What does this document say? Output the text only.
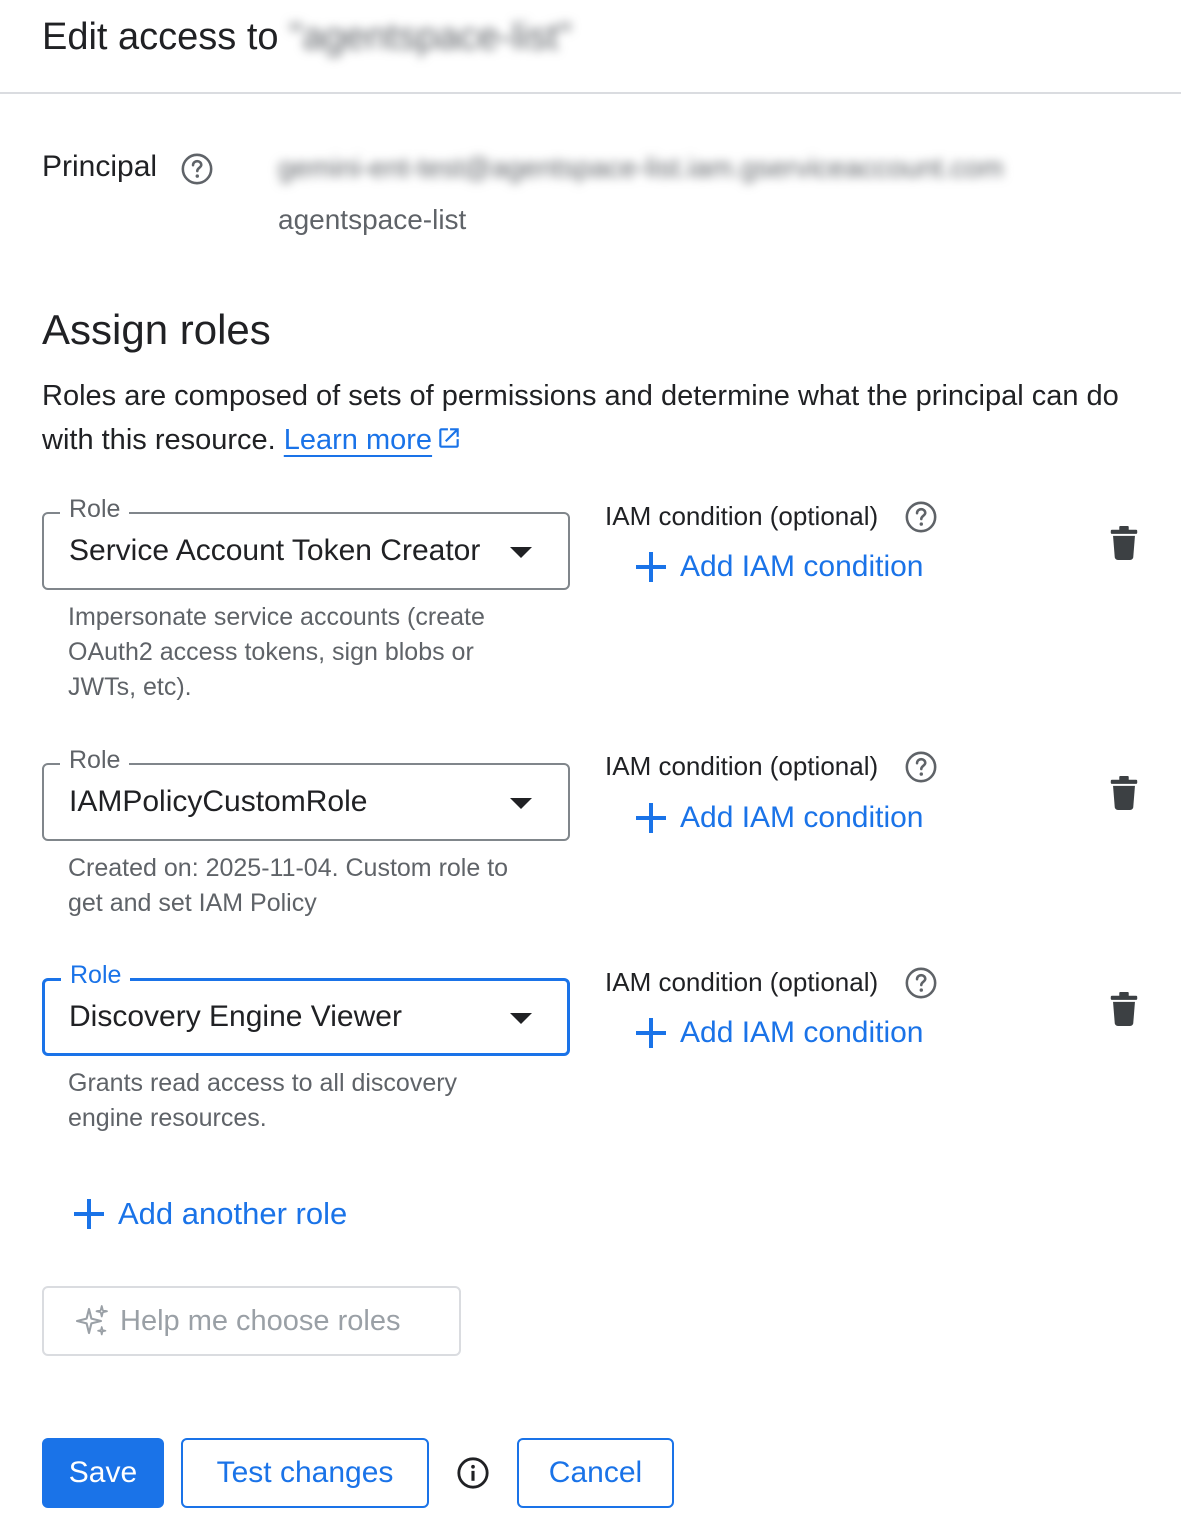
Edit access to "agentspace-list"
Principal	gemini-ent-test@agentspace-list.iam.gserviceaccount.com
agentspace-list
Assign roles
Roles are composed of sets of permissions and determine what the principal can do with this resource. Learn more
Role
Service Account Token Creator
Impersonate service accounts (create OAuth2 access tokens, sign blobs or JWTs, etc).
IAM condition (optional)
Add IAM condition
Role
IAMPolicyCustomRole
Created on: 2025-11-04. Custom role to get and set IAM Policy
IAM condition (optional)
Add IAM condition
Role
Discovery Engine Viewer
Grants read access to all discovery engine resources.
IAM condition (optional)
Add IAM condition
Add another role
Help me choose roles
Save	Test changes	Cancel
